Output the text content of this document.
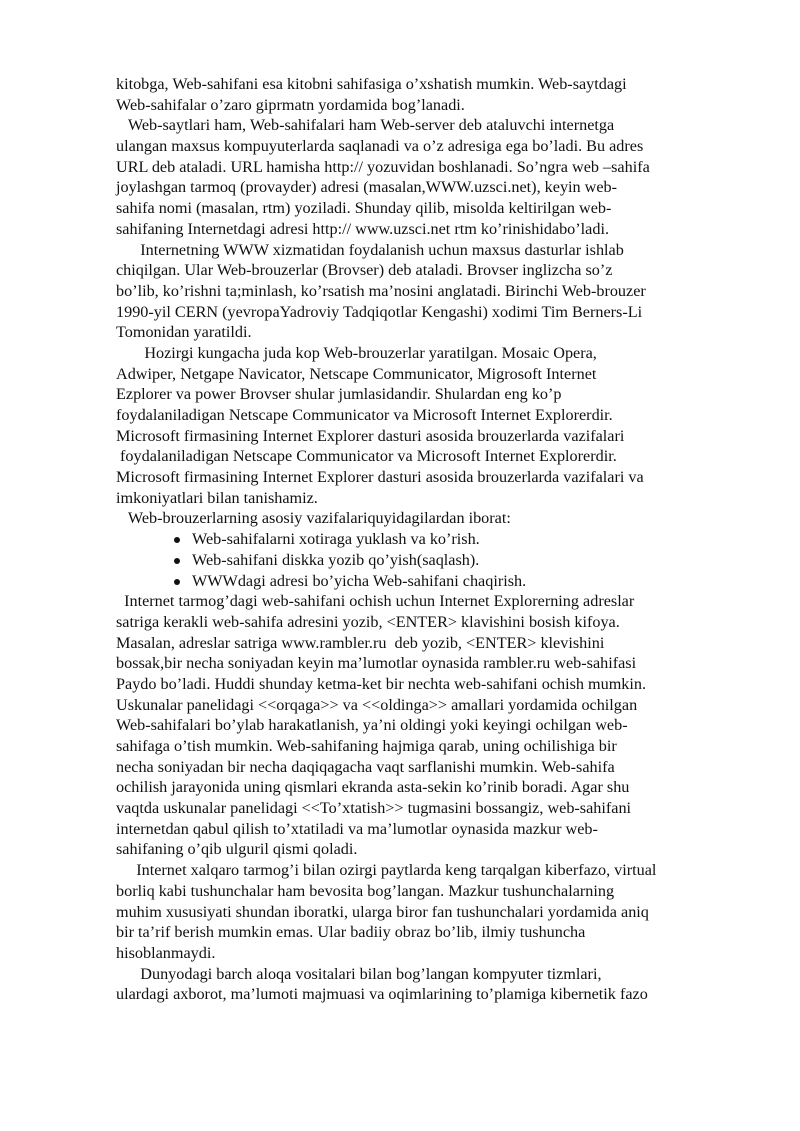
kitobga, Web-sahifani esa kitobni sahifasiga o’xshatish mumkin. Web-saytdagi
Web-sahifalar o’zaro giprmatn yordamida bog’lanadi.
Web-saytlari ham, Web-sahifalari ham Web-server deb ataluvchi internetga
ulangan maxsus kompuyuterlarda saqlanadi va o’z adresiga ega bo’ladi. Bu adres
URL deb ataladi. URL hamisha http:// yozuvidan boshlanadi. So’ngra web –sahifa
joylashgan tarmoq (provayder) adresi (masalan,WWW.uzsci.net), keyin web-
sahifa nomi (masalan, rtm) yoziladi. Shunday qilib, misolda keltirilgan web-
sahifaning Internetdagi adresi http:// www.uzsci.net rtm ko’rinishidabo’ladi.
Internetning WWW xizmatidan foydalanish uchun maxsus dasturlar ishlab
chiqilgan. Ular Web-brouzerlar (Brovser) deb ataladi. Brovser inglizcha so’z
bo’lib, ko’rishni ta;minlash, ko’rsatish ma’nosini anglatadi. Birinchi Web-brouzer
1990-yil CERN (yevropaYadroviy Tadqiqotlar Kengashi) xodimi Tim Berners-Li
Tomonidan yaratildi.
Hozirgi kungacha juda kop Web-brouzerlar yaratilgan. Mosaic Opera,
Adwiper, Netgape Navicator, Netscape Communicator, Migrosoft Internet
Ezplorer va power Brovser shular jumlasidandir. Shulardan eng ko’p
foydalaniladigan Netscape Communicator va Microsoft Internet Explorerdir.
Microsoft firmasining Internet Explorer dasturi asosida brouzerlarda vazifalari
foydalaniladigan Netscape Communicator va Microsoft Internet Explorerdir.
Microsoft firmasining Internet Explorer dasturi asosida brouzerlarda vazifalari va
imkoniyatlari bilan tanishamiz.
Web-brouzerlarning asosiy vazifalariquyidagilardan iborat:
Web-sahifalarni xotiraga yuklash va ko’rish.
Web-sahifani diskka yozib qo’yish(saqlash).
WWWdagi adresi bo’yicha Web-sahifani chaqirish.
Internet tarmog’dagi web-sahifani ochish uchun Internet Explorerning adreslar
satriga kerakli web-sahifa adresini yozib, <ENTER> klavishini bosish kifoya.
Masalan, adreslar satriga www.rambler.ru  deb yozib, <ENTER> klevishini
bossak,bir necha soniyadan keyin ma’lumotlar oynasida rambler.ru web-sahifasi
Paydo bo’ladi. Huddi shunday ketma-ket bir nechta web-sahifani ochish mumkin.
Uskunalar panelidagi <<orqaga>> va <<oldinga>> amallari yordamida ochilgan
Web-sahifalari bo’ylab harakatlanish, ya’ni oldingi yoki keyingi ochilgan web-
sahifaga o’tish mumkin. Web-sahifaning hajmiga qarab, uning ochilishiga bir
necha soniyadan bir necha daqiqagacha vaqt sarflanishi mumkin. Web-sahifa
ochilish jarayonida uning qismlari ekranda asta-sekin ko’rinib boradi. Agar shu
vaqtda uskunalar panelidagi <<To’xtatish>> tugmasini bossangiz, web-sahifani
internetdan qabul qilish to’xtatiladi va ma’lumotlar oynasida mazkur web-
sahifaning o’qib ulguril qismi qoladi.
Internet xalqaro tarmog’i bilan ozirgi paytlarda keng tarqalgan kiberfazo, virtual
borliq kabi tushunchalar ham bevosita bog’langan. Mazkur tushunchalarning
muhim xususiyati shundan iboratki, ularga biror fan tushunchalari yordamida aniq
bir ta’rif berish mumkin emas. Ular badiiy obraz bo’lib, ilmiy tushuncha
hisoblanmaydi.
Dunyodagi barch aloqa vositalari bilan bog’langan kompyuter tizmlari,
ulardagi axborot, ma’lumoti majmuasi va oqimlarining to’plamiga kibernetik fazo
